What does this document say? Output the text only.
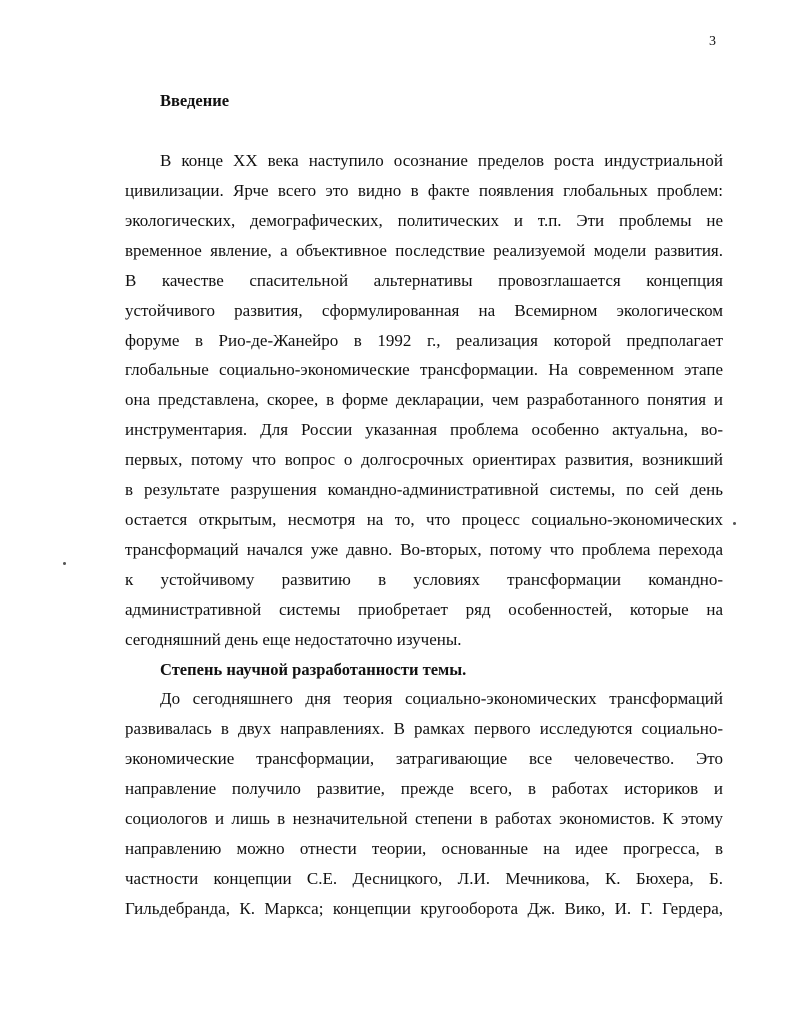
3
Введение
В конце XX века наступило осознание пределов роста индустриальной
цивилизации. Ярче всего это видно в факте появления глобальных проблем:
экологических, демографических, политических и т.п. Эти проблемы не
временное явление, а объективное последствие реализуемой модели развития.
В качестве спасительной альтернативы провозглашается концепция
устойчивого развития, сформулированная на Всемирном экологическом
форуме в Рио-де-Жанейро в 1992 г., реализация которой предполагает
глобальные социально-экономические трансформации. На современном этапе
она представлена, скорее, в форме декларации, чем разработанного понятия и
инструментария. Для России указанная проблема особенно актуальна, во-
первых, потому что вопрос о долгосрочных ориентирах развития, возникший
в результате разрушения командно-административной системы, по сей день
остается открытым, несмотря на то, что процесс социально-экономических
трансформаций начался уже давно. Во-вторых, потому что проблема перехода
к устойчивому развитию в условиях трансформации командно-
административной системы приобретает ряд особенностей, которые на
сегодняшний день еще недостаточно изучены.
Степень научной разработанности темы.
До сегодняшнего дня теория социально-экономических трансформаций
развивалась в двух направлениях. В рамках первого исследуются социально-
экономические трансформации, затрагивающие все человечество. Это
направление получило развитие, прежде всего, в работах историков и
социологов и лишь в незначительной степени в работах экономистов. К этому
направлению можно отнести теории, основанные на идее прогресса, в
частности концепции С.Е. Десницкого, Л.И. Мечникова, К. Бюхера, Б.
Гильдебранда, К. Маркса; концепции кругооборота Дж. Вико, И. Г. Гердера,
